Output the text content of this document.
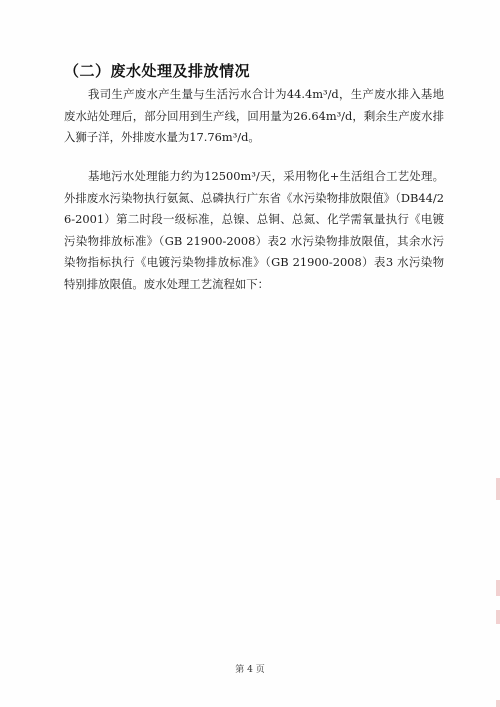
（二）废水处理及排放情况
我司生产废水产生量与生活污水合计为44.4m³/d，生产废水排入基地废水站处理后，部分回用到生产线，回用量为26.64m³/d，剩余生产废水排入狮子洋，外排废水量为17.76m³/d。
基地污水处理能力约为12500m³/天，采用物化+生活组合工艺处理。外排废水污染物执行氨氮、总磷执行广东省《水污染物排放限值》（DB44/26-2001）第二时段一级标准，总镍、总铜、总氮、化学需氧量执行《电镀污染物排放标准》（GB 21900-2008）表2 水污染物排放限值，其余水污染物指标执行《电镀污染物排放标准》（GB 21900-2008）表3 水污染物特别排放限值。废水处理工艺流程如下：
第 4 页
